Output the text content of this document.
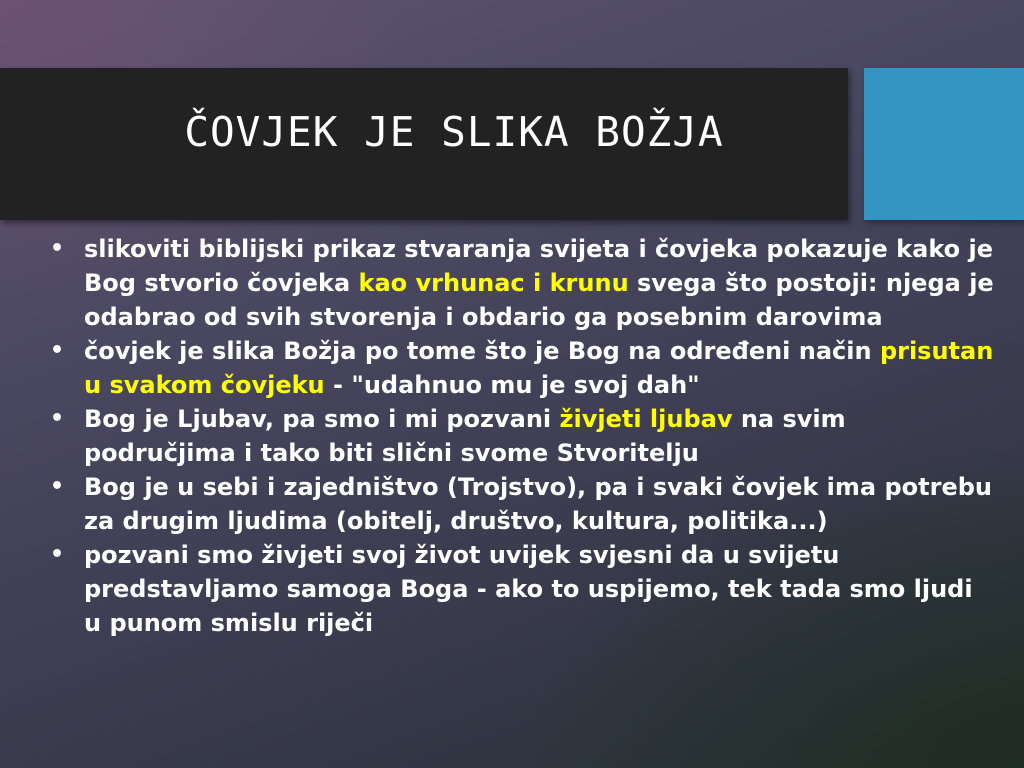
ČOVJEK JE SLIKA BOŽJA
• slikoviti biblijski prikaz stvaranja svijeta i čovjeka pokazuje kako je Bog stvorio čovjeka kao vrhunac i krunu svega što postoji: njega je odabrao od svih stvorenja i obdario ga posebnim darovima
• čovjek je slika Božja po tome što je Bog na određeni način prisutan u svakom čovjeku - "udahnuo mu je svoj dah"
• Bog je Ljubav, pa smo i mi pozvani živjeti ljubav na svim područjima i tako biti slični svome Stvoritelju
• Bog je u sebi i zajedništvo (Trojstvo), pa i svaki čovjek ima potrebu za drugim ljudima (obitelj, društvo, kultura, politika...)
• pozvani smo živjeti svoj život uvijek svjesni da u svijetu predstavljamo samoga Boga - ako to uspijemo, tek tada smo ljudi u punom smislu riječi
